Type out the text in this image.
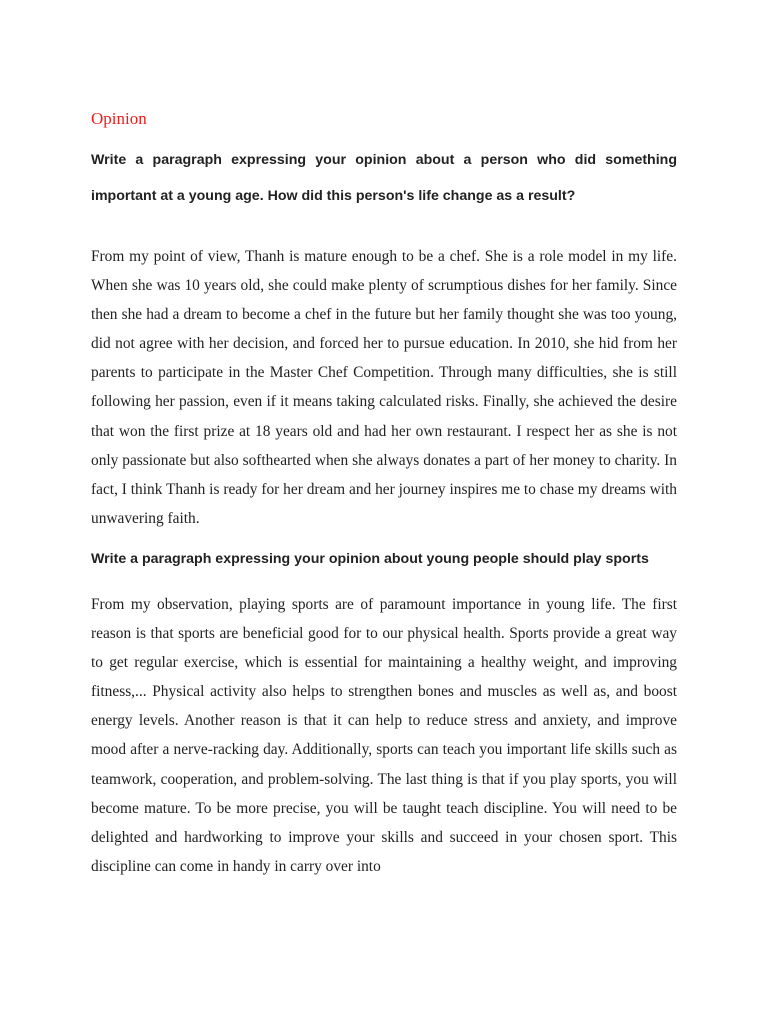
Opinion

Write a paragraph expressing your opinion about a person who did something important at a young age. How did this person's life change as a result?

From my point of view, Thanh is mature enough to be a chef. She is a role model in my life. When she was 10 years old, she could make plenty of scrumptious dishes for her family. Since then she had a dream to become a chef in the future but her family thought she was too young, did not agree with her decision, and forced her to pursue education. In 2010, she hid from her parents to participate in the Master Chef Competition. Through many difficulties, she is still following her passion, even if it means taking calculated risks. Finally, she achieved the desire that won the first prize at 18 years old and had her own restaurant. I respect her as she is not only passionate but also softhearted when she always donates a part of her money to charity. In fact, I think Thanh is ready for her dream and her journey inspires me to chase my dreams with unwavering faith.

Write a paragraph expressing your opinion about young people should play sports

From my observation, playing sports are of paramount importance in young life. The first reason is that sports are beneficial good for to our physical health. Sports provide a great way to get regular exercise, which is essential for maintaining a healthy weight, and improving fitness,... Physical activity also helps to strengthen bones and muscles as well as, and boost energy levels. Another reason is that it can help to reduce stress and anxiety, and improve mood after a nerve-racking day. Additionally, sports can teach you important life skills such as teamwork, cooperation, and problem-solving. The last thing is that if you play sports, you will become mature. To be more precise, you will be taught teach discipline. You will need to be delighted and hardworking to improve your skills and succeed in your chosen sport. This discipline can come in handy in carry over into
